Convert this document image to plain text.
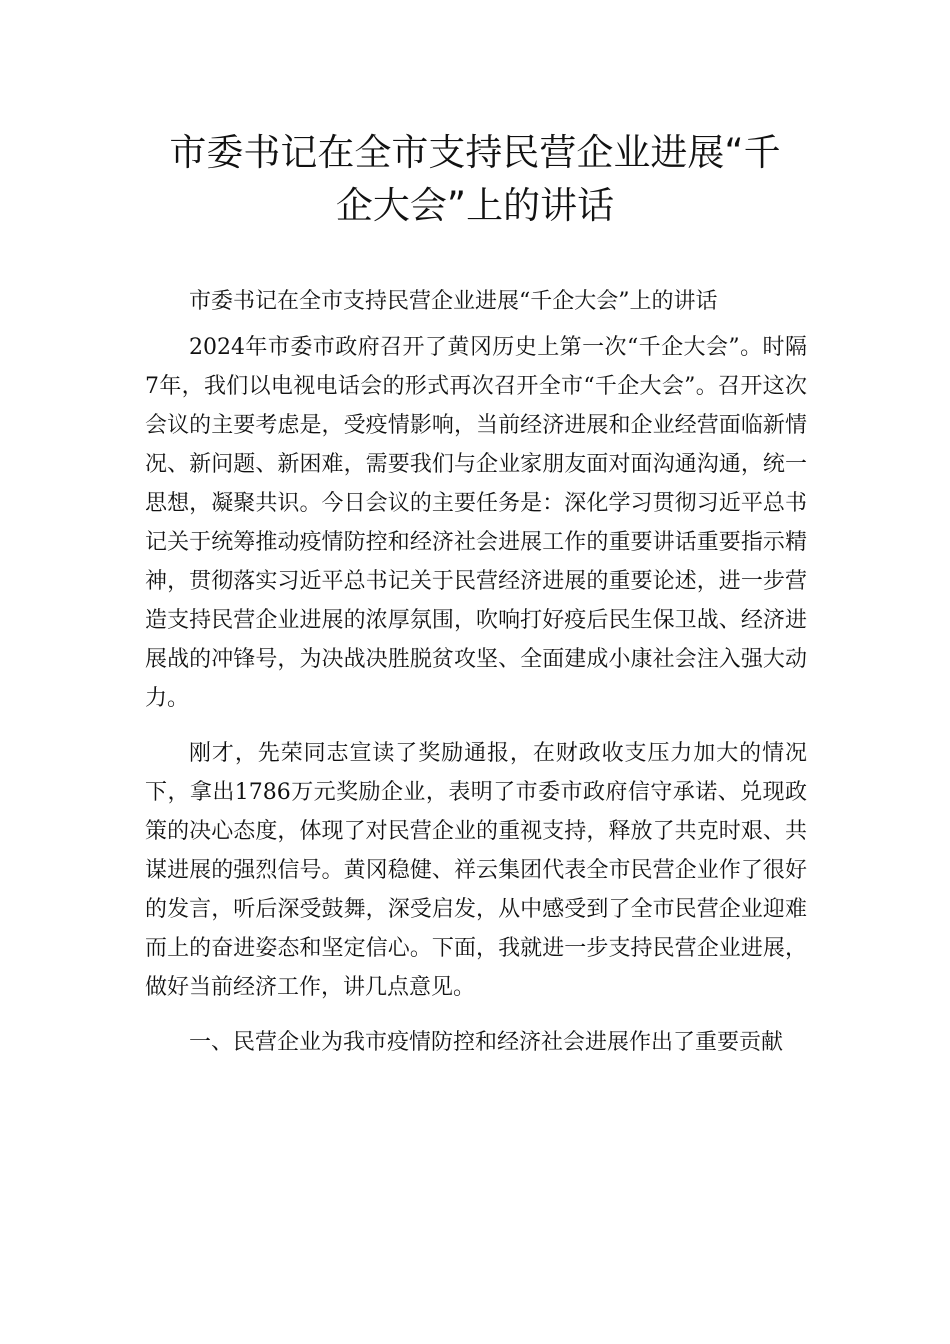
市委书记在全市支持民营企业进展“千
企大会”上的讲话

市委书记在全市支持民营企业进展“千企大会”上的讲话

2024年市委市政府召开了黄冈历史上第一次“千企大会”。时隔7年，我们以电视电话会的形式再次召开全市“千企大会”。召开这次会议的主要考虑是，受疫情影响，当前经济进展和企业经营面临新情况、新问题、新困难，需要我们与企业家朋友面对面沟通沟通，统一思想，凝聚共识。今日会议的主要任务是：深化学习贯彻习近平总书记关于统筹推动疫情防控和经济社会进展工作的重要讲话重要指示精神，贯彻落实习近平总书记关于民营经济进展的重要论述，进一步营造支持民营企业进展的浓厚氛围，吹响打好疫后民生保卫战、经济进展战的冲锋号，为决战决胜脱贫攻坚、全面建成小康社会注入强大动力。

刚才，先荣同志宣读了奖励通报，在财政收支压力加大的情况下，拿出1786万元奖励企业，表明了市委市政府信守承诺、兑现政策的决心态度，体现了对民营企业的重视支持，释放了共克时艰、共谋进展的强烈信号。黄冈稳健、祥云集团代表全市民营企业作了很好的发言，听后深受鼓舞，深受启发，从中感受到了全市民营企业迎难而上的奋进姿态和坚定信心。下面，我就进一步支持民营企业进展，做好当前经济工作，讲几点意见。

一、民营企业为我市疫情防控和经济社会进展作出了重要贡献
